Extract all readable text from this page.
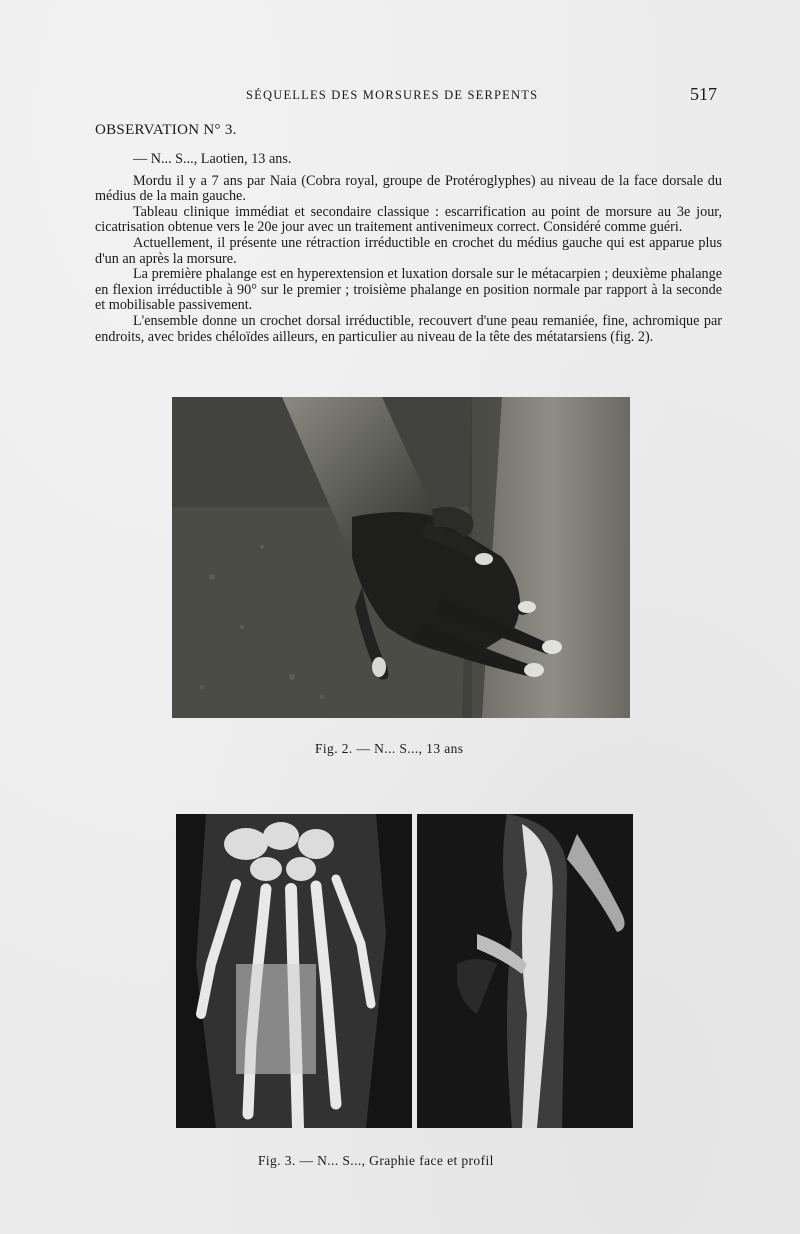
SÉQUELLES DES MORSURES DE SERPENTS	517
OBSERVATION N° 3.

— N... S..., Laotien, 13 ans.

Mordu il y a 7 ans par Naia (Cobra royal, groupe de Protéroglyphes) au niveau de la face dorsale du médius de la main gauche.

Tableau clinique immédiat et secondaire classique : escarrification au point de morsure au 3e jour, cicatrisation obtenue vers le 20e jour avec un traitement antivenimeux correct. Considéré comme guéri.

Actuellement, il présente une rétraction irréductible en crochet du médius gauche qui est apparue plus d'un an après la morsure.

La première phalange est en hyperextension et luxation dorsale sur le métacarpien ; deuxième phalange en flexion irréductible à 90° sur le premier ; troisième phalange en position normale par rapport à la seconde et mobilisable passivement.

L'ensemble donne un crochet dorsal irréductible, recouvert d'une peau remaniée, fine, achromique par endroits, avec brides chéloïdes ailleurs, en particulier au niveau de la tête des métatarsiens (fig. 2).

Fig. 2. — N... S..., 13 ans
Fig. 3. — N... S..., Graphie face et profil
